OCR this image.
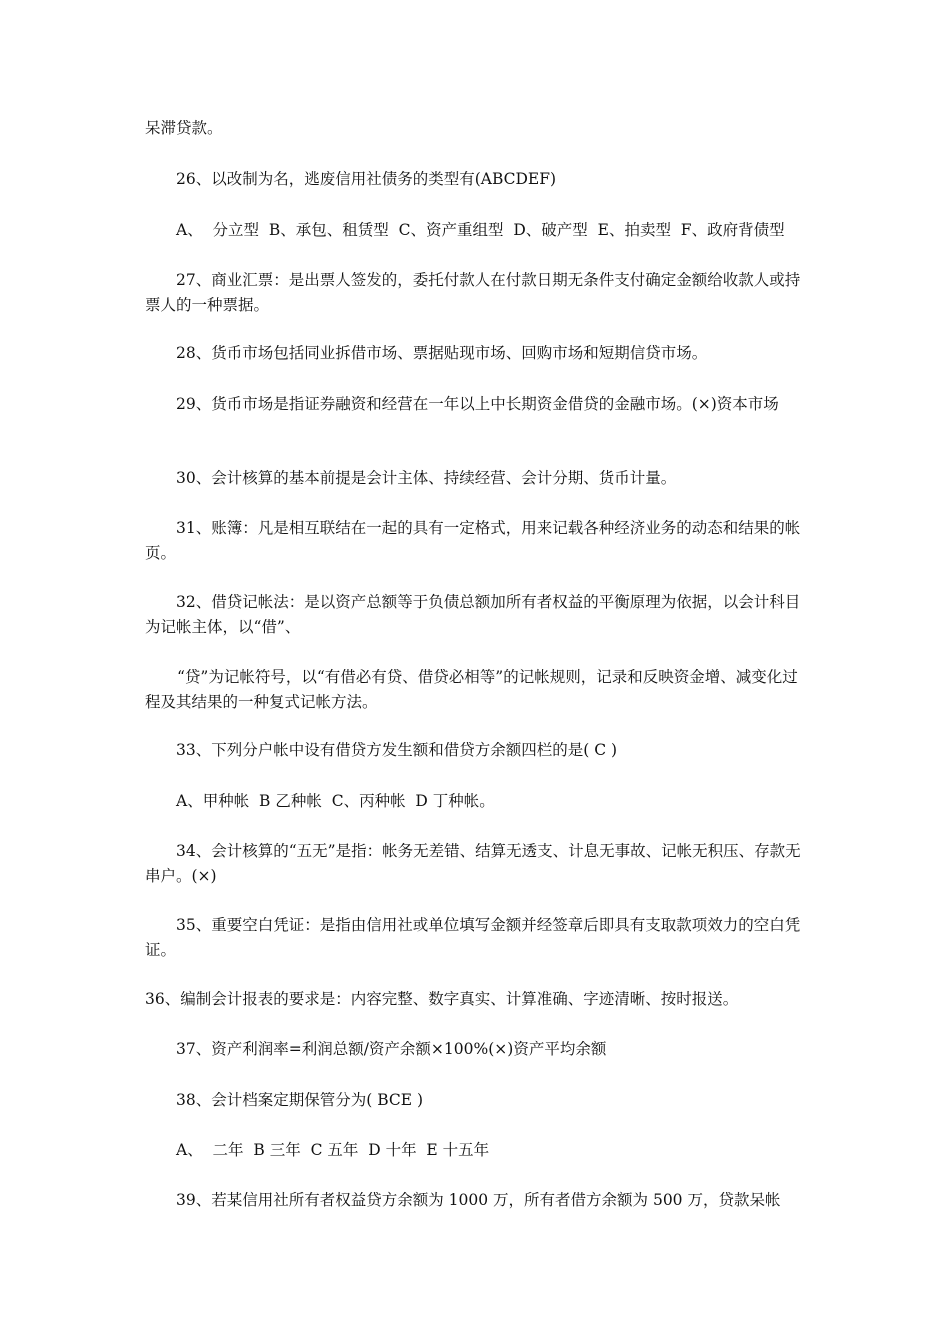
呆滞贷款。

26、以改制为名，逃废信用社债务的类型有(ABCDEF)

A、  分立型  B、承包、租赁型  C、资产重组型  D、破产型  E、拍卖型  F、政府背债型

27、商业汇票：是出票人签发的，委托付款人在付款日期无条件支付确定金额给收款人或持票人的一种票据。

28、货币市场包括同业拆借市场、票据贴现市场、回购市场和短期信贷市场。

29、货币市场是指证券融资和经营在一年以上中长期资金借贷的金融市场。(×)资本市场

30、会计核算的基本前提是会计主体、持续经营、会计分期、货币计量。

31、账簿：凡是相互联结在一起的具有一定格式，用来记载各种经济业务的动态和结果的帐页。

32、借贷记帐法：是以资产总额等于负债总额加所有者权益的平衡原理为依据，以会计科目为记帐主体，以“借”、

“贷”为记帐符号，以“有借必有贷、借贷必相等”的记帐规则，记录和反映资金增、减变化过程及其结果的一种复式记帐方法。

33、下列分户帐中设有借贷方发生额和借贷方余额四栏的是( C )

A、甲种帐  B 乙种帐  C、丙种帐  D 丁种帐。

34、会计核算的“五无”是指：帐务无差错、结算无透支、计息无事故、记帐无积压、存款无串户。(×)

35、重要空白凭证：是指由信用社或单位填写金额并经签章后即具有支取款项效力的空白凭证。

36、编制会计报表的要求是：内容完整、数字真实、计算准确、字迹清晰、按时报送。

37、资产利润率=利润总额/资产余额×100%(×)资产平均余额

38、会计档案定期保管分为( BCE )

A、  二年  B 三年  C 五年  D 十年  E 十五年

39、若某信用社所有者权益贷方余额为 1000 万，所有者借方余额为 500 万，贷款呆帐
